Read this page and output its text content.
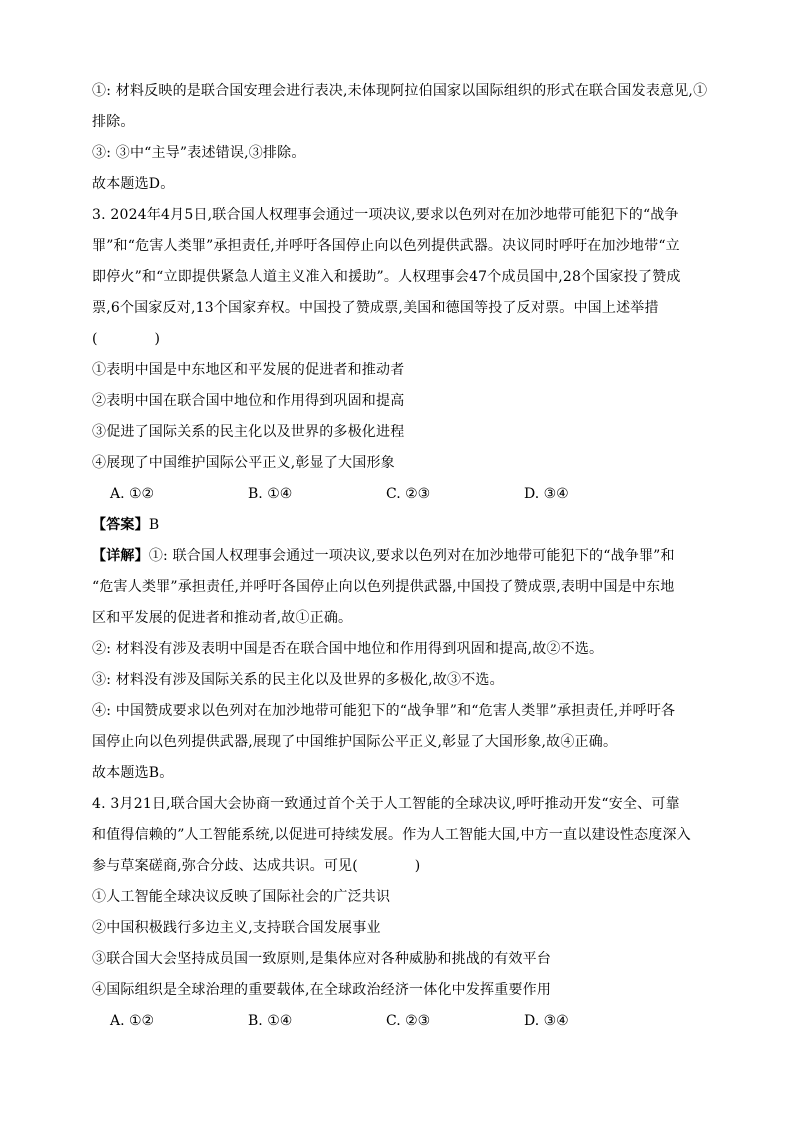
①: 材料反映的是联合国安理会进行表决,未体现阿拉伯国家以国际组织的形式在联合国发表意见,①
排除。
③: ③中“主导”表述错误,③排除。
故本题选D。
3. 2024年4月5日,联合国人权理事会通过一项决议,要求以色列对在加沙地带可能犯下的“战争
罪”和“危害人类罪”承担责任,并呼吁各国停止向以色列提供武器。决议同时呼吁在加沙地带“立
即停火”和“立即提供紧急人道主义准入和援助”。人权理事会47个成员国中,28个国家投了赞成
票,6个国家反对,13个国家弃权。中国投了赞成票,美国和德国等投了反对票。中国上述举措
(　　　　)
①表明中国是中东地区和平发展的促进者和推动者
②表明中国在联合国中地位和作用得到巩固和提高
③促进了国际关系的民主化以及世界的多极化进程
④展现了中国维护国际公平正义,彰显了大国形象
A. ①②	B. ①④	C. ②③	D. ③④
【答案】B
【详解】①: 联合国人权理事会通过一项决议,要求以色列对在加沙地带可能犯下的“战争罪”和
“危害人类罪”承担责任,并呼吁各国停止向以色列提供武器,中国投了赞成票,表明中国是中东地
区和平发展的促进者和推动者,故①正确。
②: 材料没有涉及表明中国是否在联合国中地位和作用得到巩固和提高,故②不选。
③: 材料没有涉及国际关系的民主化以及世界的多极化,故③不选。
④: 中国赞成要求以色列对在加沙地带可能犯下的“战争罪”和“危害人类罪”承担责任,并呼吁各
国停止向以色列提供武器,展现了中国维护国际公平正义,彰显了大国形象,故④正确。
故本题选B。
4. 3月21日,联合国大会协商一致通过首个关于人工智能的全球决议,呼吁推动开发“安全、可靠
和值得信赖的”人工智能系统,以促进可持续发展。作为人工智能大国,中方一直以建设性态度深入
参与草案磋商,弥合分歧、达成共识。可见(　　　　)
①人工智能全球决议反映了国际社会的广泛共识
②中国积极践行多边主义,支持联合国发展事业
③联合国大会坚持成员国一致原则,是集体应对各种威胁和挑战的有效平台
④国际组织是全球治理的重要载体,在全球政治经济一体化中发挥重要作用
A. ①②	B. ①④	C. ②③	D. ③④
